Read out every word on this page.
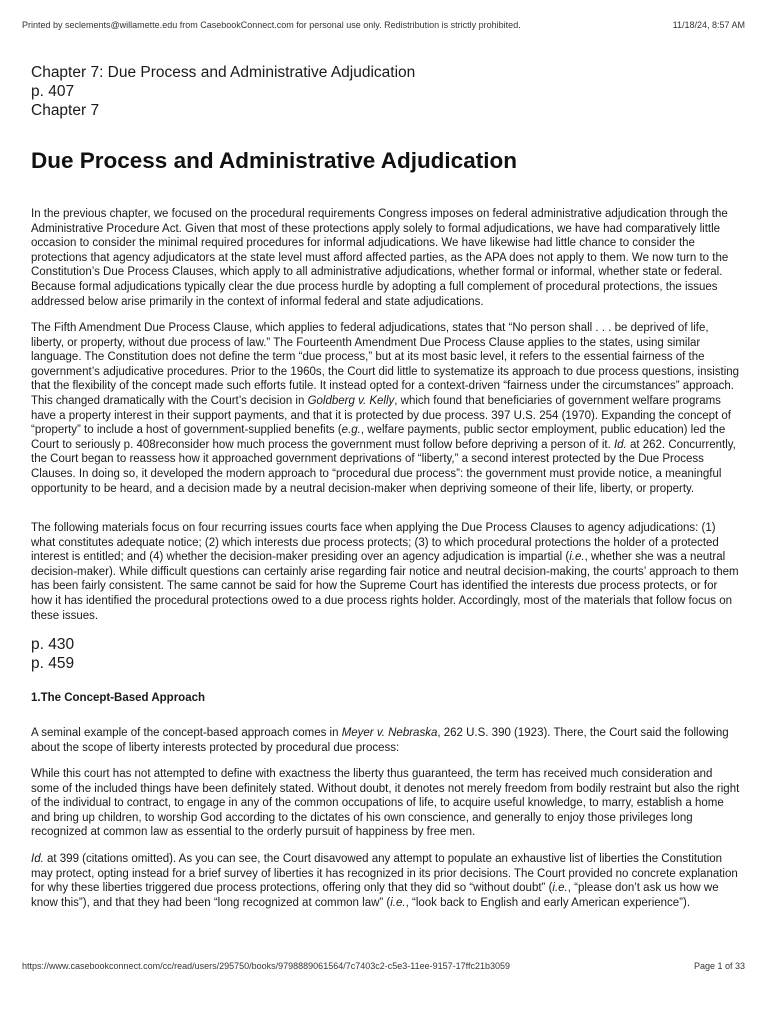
Printed by seclements@willamette.edu from CasebookConnect.com for personal use only. Redistribution is strictly prohibited.	11/18/24, 8:57 AM
Chapter 7: Due Process and Administrative Adjudication
p. 407
Chapter 7
Due Process and Administrative Adjudication

In the previous chapter, we focused on the procedural requirements Congress imposes on federal administrative adjudication through the Administrative Procedure Act. Given that most of these protections apply solely to formal adjudications, we have had comparatively little occasion to consider the minimal required procedures for informal adjudications. We have likewise had little chance to consider the protections that agency adjudicators at the state level must afford affected parties, as the APA does not apply to them. We now turn to the Constitution’s Due Process Clauses, which apply to all administrative adjudications, whether formal or informal, whether state or federal. Because formal adjudications typically clear the due process hurdle by adopting a full complement of procedural protections, the issues addressed below arise primarily in the context of informal federal and state adjudications.

The Fifth Amendment Due Process Clause, which applies to federal adjudications, states that “No person shall . . . be deprived of life, liberty, or property, without due process of law.” The Fourteenth Amendment Due Process Clause applies to the states, using similar language. The Constitution does not define the term “due process,” but at its most basic level, it refers to the essential fairness of the government’s adjudicative procedures. Prior to the 1960s, the Court did little to systematize its approach to due process questions, insisting that the flexibility of the concept made such efforts futile. It instead opted for a context-driven “fairness under the circumstances” approach. This changed dramatically with the Court’s decision in Goldberg v. Kelly, which found that beneficiaries of government welfare programs have a property interest in their support payments, and that it is protected by due process. 397 U.S. 254 (1970). Expanding the concept of “property” to include a host of government-supplied benefits (e.g., welfare payments, public sector employment, public education) led the Court to seriously p. 408reconsider how much process the government must follow before depriving a person of it. Id. at 262. Concurrently, the Court began to reassess how it approached government deprivations of “liberty,” a second interest protected by the Due Process Clauses. In doing so, it developed the modern approach to “procedural due process”: the government must provide notice, a meaningful opportunity to be heard, and a decision made by a neutral decision-maker when depriving someone of their life, liberty, or property.

The following materials focus on four recurring issues courts face when applying the Due Process Clauses to agency adjudications: (1) what constitutes adequate notice; (2) which interests due process protects; (3) to which procedural protections the holder of a protected interest is entitled; and (4) whether the decision-maker presiding over an agency adjudication is impartial (i.e., whether she was a neutral decision-maker). While difficult questions can certainly arise regarding fair notice and neutral decision-making, the courts’ approach to them has been fairly consistent. The same cannot be said for how the Supreme Court has identified the interests due process protects, or for how it has identified the procedural protections owed to a due process rights holder. Accordingly, most of the materials that follow focus on these issues.

p. 430
p. 459
1.The Concept-Based Approach

A seminal example of the concept-based approach comes in Meyer v. Nebraska, 262 U.S. 390 (1923). There, the Court said the following about the scope of liberty interests protected by procedural due process:

While this court has not attempted to define with exactness the liberty thus guaranteed, the term has received much consideration and some of the included things have been definitely stated. Without doubt, it denotes not merely freedom from bodily restraint but also the right of the individual to contract, to engage in any of the common occupations of life, to acquire useful knowledge, to marry, establish a home and bring up children, to worship God according to the dictates of his own conscience, and generally to enjoy those privileges long recognized at common law as essential to the orderly pursuit of happiness by free men.

Id. at 399 (citations omitted). As you can see, the Court disavowed any attempt to populate an exhaustive list of liberties the Constitution may protect, opting instead for a brief survey of liberties it has recognized in its prior decisions. The Court provided no concrete explanation for why these liberties triggered due process protections, offering only that they did so “without doubt” (i.e., “please don’t ask us how we know this”), and that they had been “long recognized at common law” (i.e., “look back to English and early American experience”).

https://www.casebookconnect.com/cc/read/users/295750/books/9798889061564/7c7403c2-c5e3-11ee-9157-17ffc21b3059	Page 1 of 33
